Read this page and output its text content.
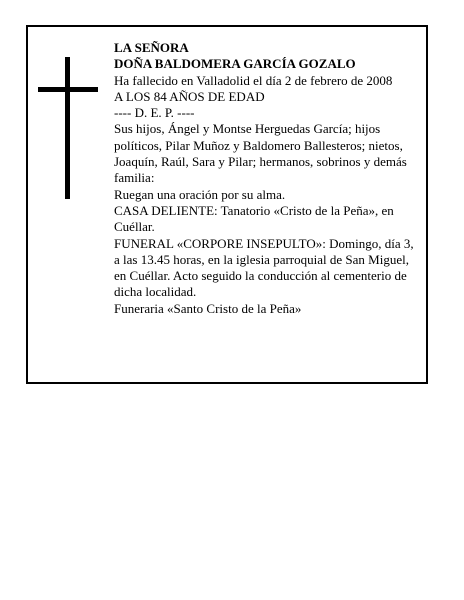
LA SEÑORA

DOÑA BALDOMERA GARCÍA GOZALO

Ha fallecido en Valladolid el día 2 de febrero de 2008

A LOS 84 AÑOS DE EDAD

---- D. E. P. ----

Sus hijos, Ángel y Montse Herguedas García; hijos políticos, Pilar Muñoz y Baldomero Ballesteros; nietos, Joaquín, Raúl, Sara y Pilar; hermanos, sobrinos y demás familia:

Ruegan una oración por su alma.

CASA DELIENTE: Tanatorio «Cristo de la Peña», en Cuéllar.

FUNERAL «CORPORE INSEPULTO»: Domingo, día 3, a las 13.45 horas, en la iglesia parroquial de San Miguel, en Cuéllar. Acto seguido la conducción al cementerio de dicha localidad.

Funeraria «Santo Cristo de la Peña»
